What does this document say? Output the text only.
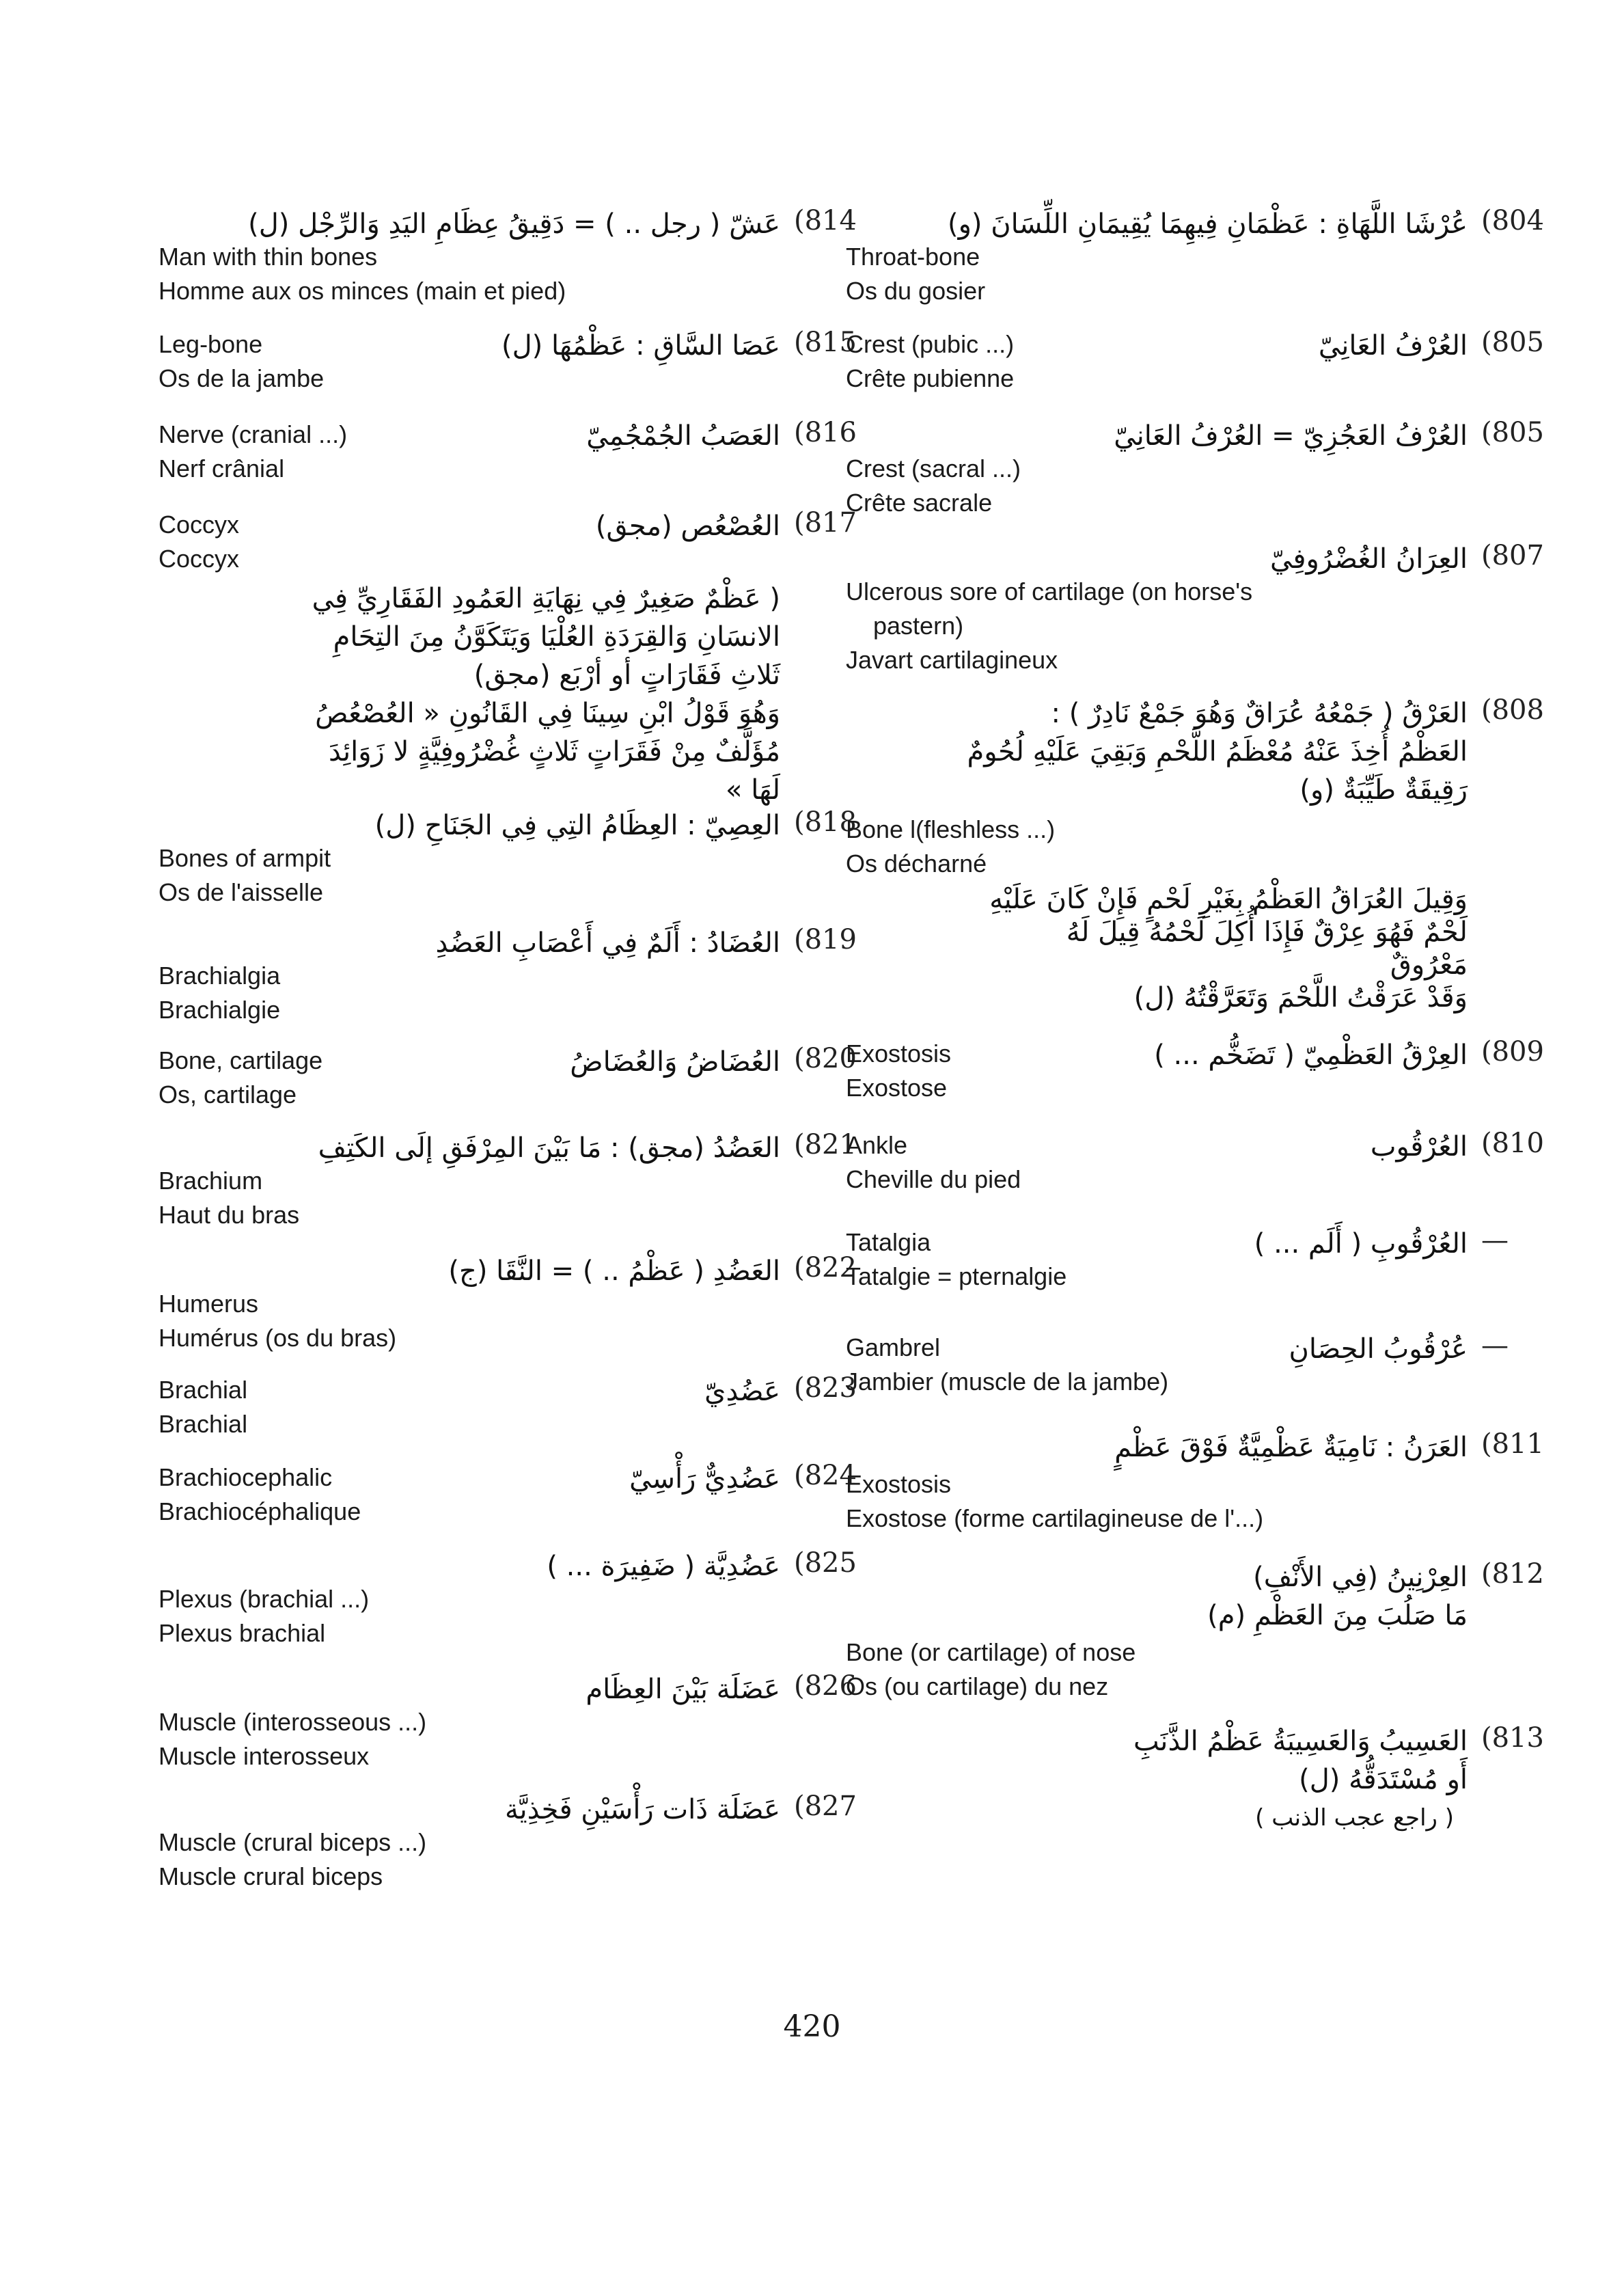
(814
عَشّ ( رجل .. ) = دَقِيقُ عِظَامِ اليَدِ وَالرِّجْل (ل)
Man with thin bones
Homme aux os minces (main et pied)
(815
عَصَا السَّاقِ : عَظْمُهَا (ل)
Leg-bone
Os de la jambe
(816
العَصَبُ الجُمْجُمِيّ
Nerve (cranial ...)
Nerf crânial
(817
العُصْعُص (مجق)
Coccyx
Coccyx
( عَظْمٌ صَغِيرٌ فِي نِهَايَةِ العَمُودِ الفَقَارِيِّ فِي
الانسَانِ وَالقِرَدَةِ العُلْيَا وَيَتَكَوَّنُ مِنَ التِحَامِ
ثَلاثِ فَقَارَاتٍ أو أرْبَع (مجق)
وَهُوَ قَوْلُ ابْنِ سِينَا فِي القَانُونِ « العُصْعُصُ
مُؤَلَّفٌ مِنْ فَقَرَاتٍ ثَلاثٍ غُضْرُوفِيَّةٍ لا زَوَائِدَ
لَهَا »
(818
العِصِيّ : العِظَامُ التِي فِي الجَنَاحِ (ل)
Bones of armpit
Os de l'aisselle
(819
العُضَادُ : أَلَمٌ فِي أَعْصَابِ العَضُدِ
Brachialgia
Brachialgie
(820
العُضَاضُ وَالعُضَاضُ
Bone, cartilage
Os, cartilage
(821
العَضُدُ (مجق) : مَا بَيْنَ المِرْفَقِ إلَى الكَتِفِ
Brachium
Haut du bras
(822
العَضُدِ ( عَظْمُ .. ) = النَّقَا (ج)
Humerus
Humérus (os du bras)
(823
عَضُدِيّ
Brachial
Brachial
(824
عَضُدِيٌّ رَأْسِيّ
Brachiocephalic
Brachiocéphalique
(825
عَضُدِيَّة ( ضَفِيرَة ... )
Plexus (brachial ...)
Plexus brachial
(826
عَضَلَة بَيْنَ العِظَام
Muscle (interosseous ...)
Muscle interosseux
(827
عَضَلَة ذَات رَأْسَيْنِ فَخِذِيَّة
Muscle (crural biceps ...)
Muscle crural biceps
(804
عُرْشَا اللَّهَاةِ : عَظْمَانِ فِيهِمَا يُقِيمَانِ اللِّسَانَ (و)
Throat-bone
Os du gosier
(805
العُرْفُ العَانِيّ
Crest (pubic ...)
Crête pubienne
(805
العُرْفُ العَجُزِيّ = العُرْفُ العَانِيّ
Crest (sacral ...)
Crête sacrale
(807
العِرَانُ الغُضْرُوفِيّ
Ulcerous sore of cartilage (on horse's
pastern)
Javart cartilagineux
(808
العَرْقُ ( جَمْعُهُ عُرَاقٌ وَهُوَ جَمْعٌ نَادِرٌ ) :
العَظْمُ أُخِذَ عَنْهُ مُعْظَمُ اللَّحْمِ وَبَقِيَ عَلَيْهِ لُحُومٌ
رَقِيقَةٌ طَيِّبَةٌ (و)
Bone l(fleshless ...)
Os décharné
وَقِيلَ العُرَاقُ العَظْمُ بِغَيْرِ لَحْمٍ فَإِنْ كَانَ عَلَيْهِ
لَحْمٌ فَهُوَ عِرْقٌ فَإِذَا أُكِلَ لَحْمُهُ قِيلَ لَهُ
مَعْرُوقٌ
وَقَدْ عَرَقْتُ اللَّحْمَ وَتَعَرَّقْتُهُ (ل)
(809
العِرْقُ العَظْمِيّ ( تَضَخُّم ... )
Exostosis
Exostose
(810
العُرْقُوب
Ankle
Cheville du pied
—
العُرْقُوبِ ( أَلَم ... )
Tatalgia
Tatalgie = pternalgie
—
عُرْقُوبُ الحِصَانِ
Gambrel
Jambier (muscle de la jambe)
(811
العَرَنُ : نَامِيَةٌ عَظْمِيَّةٌ فَوْقَ عَظْمٍ
Exostosis
Exostose (forme cartilagineuse de l'...)
(812
العِرْنِينُ (فِي الأَنْفِ)
مَا صَلُبَ مِنَ العَظْمِ (م)
Bone (or cartilage) of nose
Os (ou cartilage) du nez
(813
العَسِيبُ وَالعَسِيبَةُ عَظْمُ الذَّنَبِ
أَو مُسْتَدَقُّهُ (ل)
( راجع عجب الذنب )
420
